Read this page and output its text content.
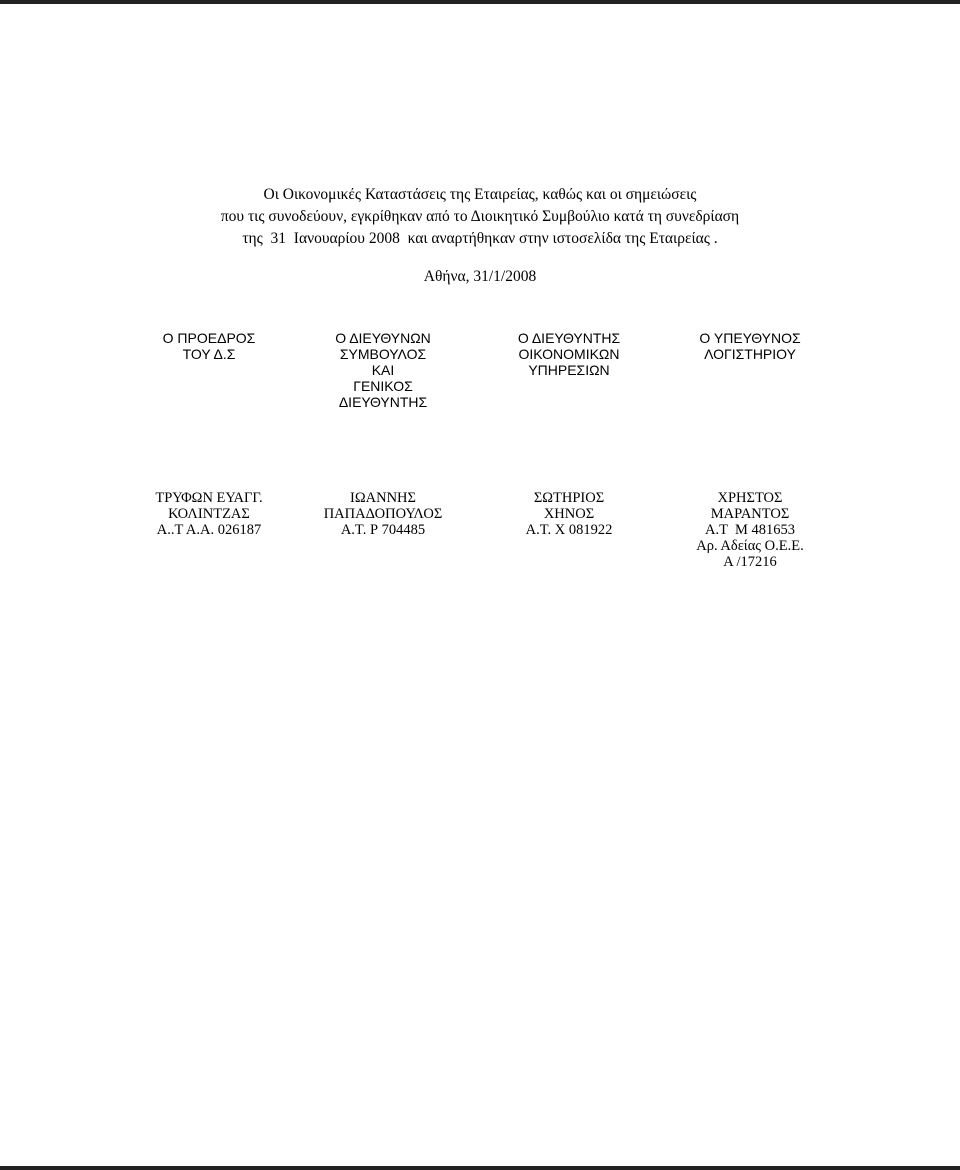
Οι Οικονομικές Καταστάσεις της Εταιρείας, καθώς και οι σημειώσεις
που τις συνοδεύουν, εγκρίθηκαν από το Διοικητικό Συμβούλιο κατά τη συνεδρίαση
της  31  Ιανουαρίου 2008  και αναρτήθηκαν στην ιστοσελίδα της Εταιρείας .
Αθήνα, 31/1/2008
Ο ΠΡΟΕΔΡΟΣ
ΤΟΥ Δ.Σ
Ο ΔΙΕΥΘΥΝΩΝ
ΣΥΜΒΟΥΛΟΣ
ΚΑΙ
ΓΕΝΙΚΟΣ
ΔΙΕΥΘΥΝΤΗΣ
Ο ΔΙΕΥΘΥΝΤΗΣ
ΟΙΚΟΝΟΜΙΚΩΝ
ΥΠΗΡΕΣΙΩΝ
Ο ΥΠΕΥΘΥΝΟΣ
ΛΟΓΙΣΤΗΡΙΟΥ
ΤΡΥΦΩΝ ΕΥΑΓΓ.
ΚΟΛΙΝΤΖΑΣ
Α..Τ Α.Α. 026187
ΙΩΑΝΝΗΣ
ΠΑΠΑΔΟΠΟΥΛΟΣ
Α.Τ. Ρ 704485
ΣΩΤΗΡΙΟΣ
ΧΗΝΟΣ
Α.Τ. Χ 081922
ΧΡΗΣΤΟΣ
ΜΑΡΑΝΤΟΣ
Α.Τ  Μ 481653
Αρ. Αδείας Ο.Ε.Ε.
Α /17216
